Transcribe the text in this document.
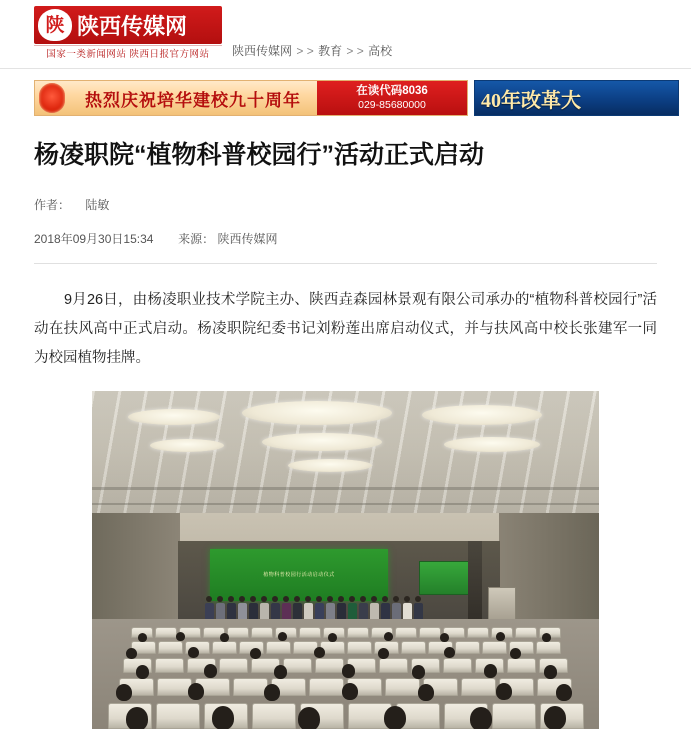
陕 陕西传媒网
国家一类新闻网站 陕西日报官方网站	陕西传媒网 > > 教育 > > 高校
热烈庆祝培华建校九十周年	在读代码8036
029-85680000	40年改革大
杨凌职院“植物科普校园行”活动正式启动
作者： 陆敏
2018年09月30日15:34 来源： 陕西传媒网

9月26日，由杨凌职业技术学院主办、陕西垚森园林景观有限公司承办的“植物科普校园行”活动在扶风高中正式启动。杨凌职院纪委书记刘粉莲出席启动仪式，并与扶风高中校长张建军一同为校园植物挂牌。

植物科普校园行活动启动仪式
